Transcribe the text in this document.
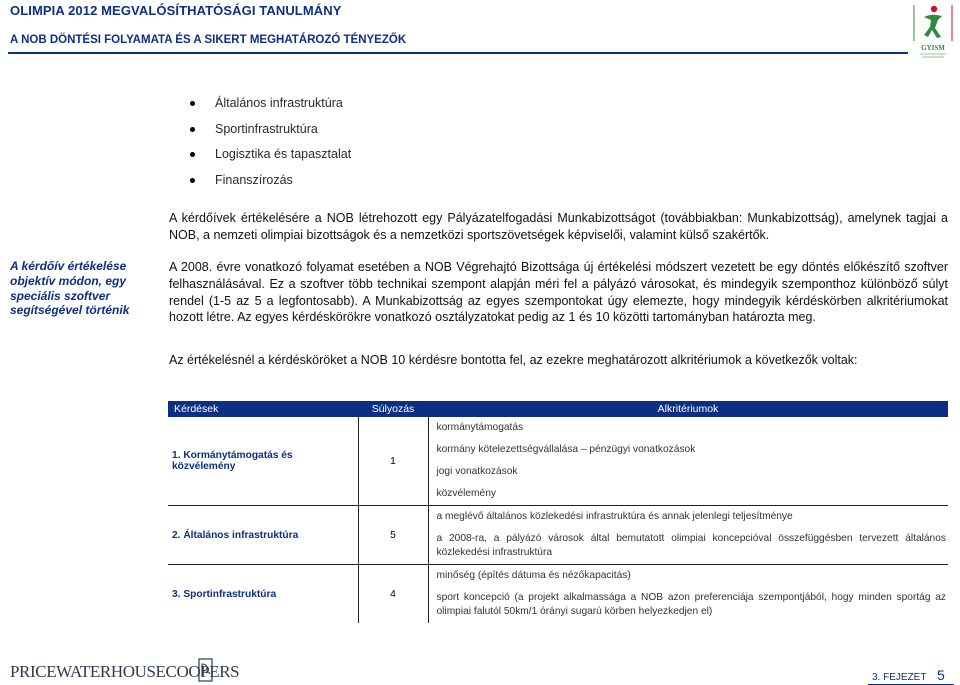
OLIMPIA 2012 MEGVALÓSÍTHATÓSÁGI TANULMÁNY
A NOB DÖNTÉSI FOLYAMATA ÉS A SIKERT MEGHATÁROZÓ TÉNYEZŐK
GYISM
Általános infrastruktúra
Sportinfrastruktúra
Logisztika és tapasztalat
Finanszírozás

A kérdőívek értékelésére a NOB létrehozott egy Pályázatelfogadási Munkabizottságot (továbbiakban: Munkabizottság), amelynek tagjai a NOB, a nemzeti olimpiai bizottságok és a nemzetközi sportszövetségek képviselői, valamint külső szakértők.

A kérdőív értékelése objektív módon, egy speciális szoftver segítségével történik

A 2008. évre vonatkozó folyamat esetében a NOB Végrehajtó Bizottsága új értékelési módszert vezetett be egy döntés előkészítő szoftver felhasználásával. Ez a szoftver több technikai szempont alapján méri fel a pályázó városokat, és mindegyik szemponthoz különböző súlyt rendel (1-5 az 5 a legfontosabb). A Munkabizottság az egyes szempontokat úgy elemezte, hogy mindegyik kérdéskörben alkritériumokat hozott létre. Az egyes kérdéskörökre vonatkozó osztályzatokat pedig az 1 és 10 közötti tartományban határozta meg.

Az értékelésnél a kérdésköröket a NOB 10 kérdésre bontotta fel, az ezekre meghatározott alkritériumok a következők voltak:

Kérdések	Súlyozás	Alkritériumok
1. Kormánytámogatás és közvélemény	1	kormánytámogatás
		kormány kötelezettségvállalása – pénzügyi vonatkozások
		jogi vonatkozások
		közvélemény
2. Általános infrastruktúra	5	a meglévő általános közlekedési infrastruktúra és annak jelenlegi teljesítménye
		a 2008-ra, a pályázó városok által bemutatott olimpiai koncepcióval összefüggésben tervezett általános közlekedési infrastruktúra
3. Sportinfrastruktúra	4	minőség (építés dátuma és nézőkapacitás)
		sport koncepció (a projekt alkalmassága a NOB azon preferenciája szempontjából, hogy minden sportág az olimpiai falutól 50km/1 órányi sugarú körben helyezkedjen el)
PRICEWATERHOUSECOOPERS	3. FEJEZET 5
